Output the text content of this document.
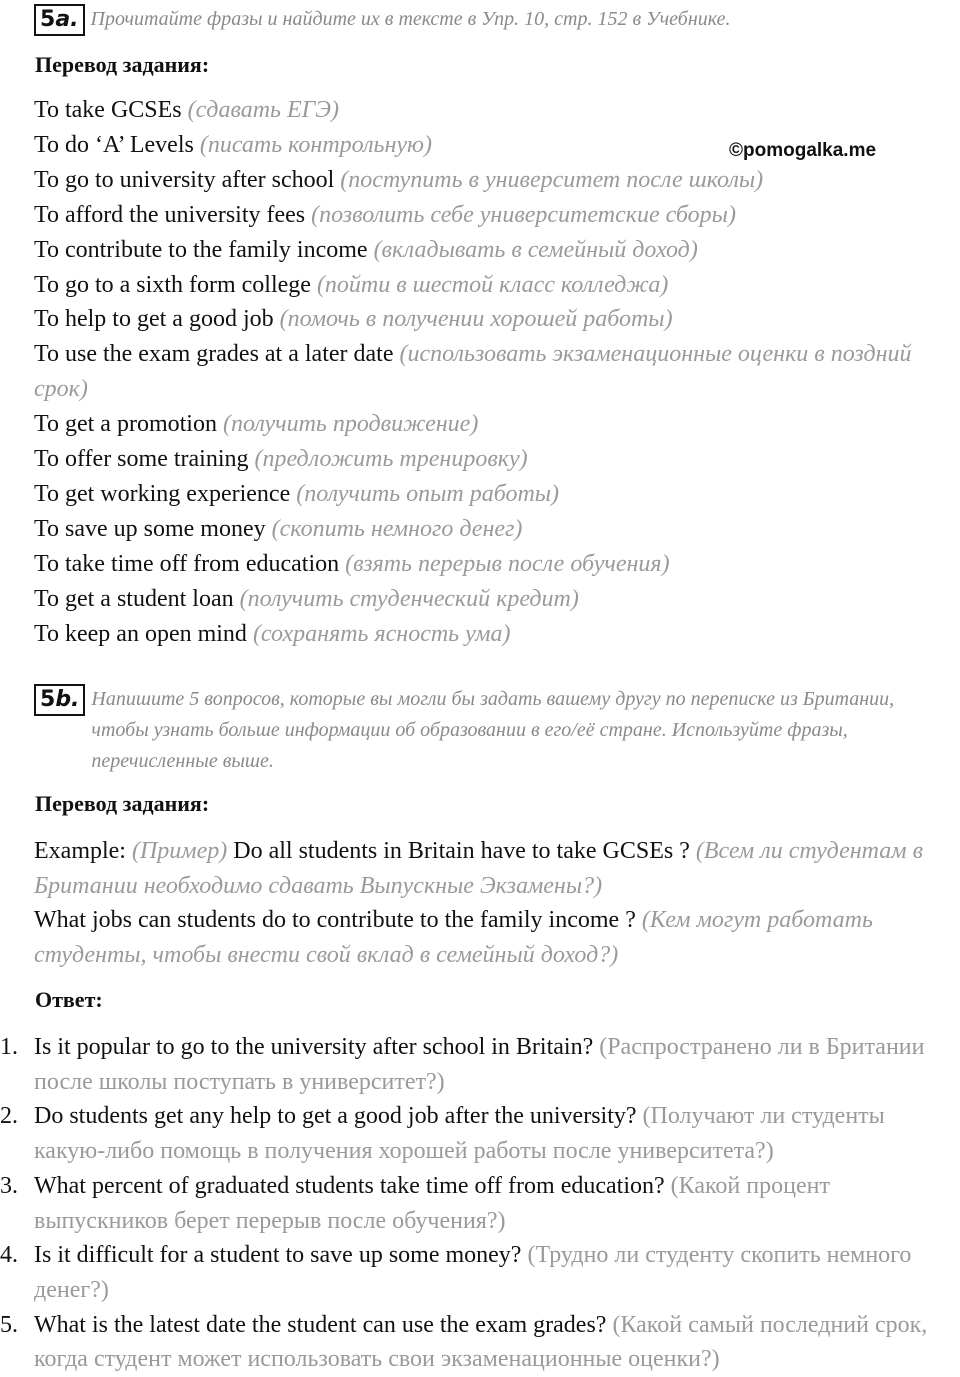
5a. Прочитайте фразы и найдите их в тексте в Упр. 10, стр. 152 в Учебнике.
Перевод задания:
©pomogalka.me
To take GCSEs (сдавать ЕГЭ)
To do ‘A’ Levels (писать контрольную)
To go to university after school (поступить в университет после школы)
To afford the university fees (позволить себе университетские сборы)
To contribute to the family income (вкладывать в семейный доход)
To go to a sixth form college (пойти в шестой класс колледжа)
To help to get a good job (помочь в получении хорошей работы)
To use the exam grades at a later date (использовать экзаменационные оценки в поздний срок)
To get a promotion (получить продвижение)
To offer some training (предложить тренировку)
To get working experience (получить опыт работы)
To save up some money (скопить немного денег)
To take time off from education (взять перерыв после обучения)
To get a student loan (получить студенческий кредит)
To keep an open mind (сохранять ясность ума)
5b. Напишите 5 вопросов, которые вы могли бы задать вашему другу по переписке из Британии, чтобы узнать больше информации об образовании в его/её стране. Используйте фразы, перечисленные выше.
Перевод задания:

Example: (Пример) Do all students in Britain have to take GCSEs ? (Всем ли студентам в Британии необходимо сдавать Выпускные Экзамены?)

What jobs can students do to contribute to the family income ? (Кем могут работать студенты, чтобы внести свой вклад в семейный доход?)

Ответ:
1. Is it popular to go to the university after school in Britain? (Распространено ли в Британии после школы поступать в университет?)
2. Do students get any help to get a good job after the university? (Получают ли студенты какую-либо помощь в получения хорошей работы после университета?)
3. What percent of graduated students take time off from education? (Какой процент выпускников берет перерыв после обучения?)
4. Is it difficult for a student to save up some money? (Трудно ли студенту скопить немного денег?)
5. What is the latest date the student can use the exam grades? (Какой самый последний срок, когда студент может использовать свои экзаменационные оценки?)
